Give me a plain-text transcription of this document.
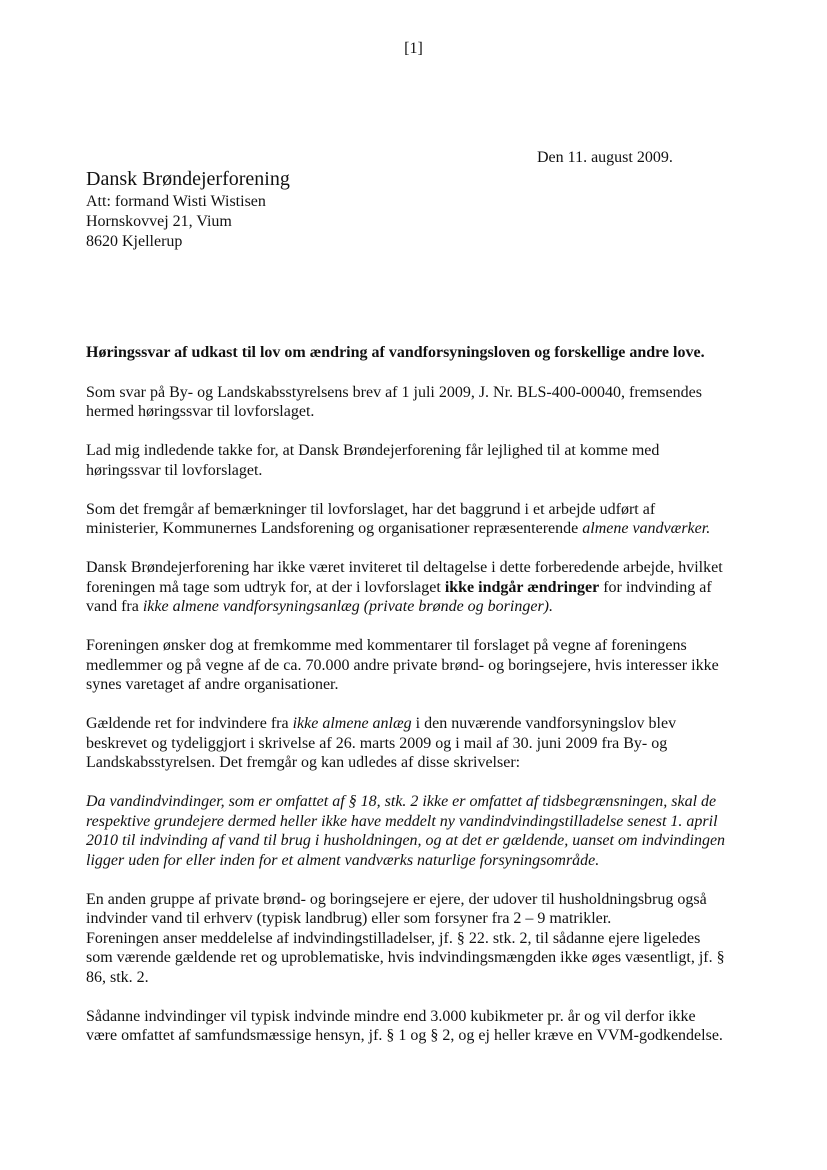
[1]
Den 11. august 2009.
Dansk Brøndejerforening
Att: formand Wisti Wistisen
Hornskovvej 21, Vium
8620 Kjellerup
Høringssvar af udkast til lov om ændring af vandforsyningsloven og forskellige andre love.

Som svar på By- og Landskabsstyrelsens brev af 1 juli 2009, J. Nr. BLS-400-00040, fremsendes
hermed høringssvar til lovforslaget.

Lad mig indledende takke for, at Dansk Brøndejerforening får lejlighed til at komme med
høringssvar til lovforslaget.

Som det fremgår af bemærkninger til lovforslaget, har det baggrund i et arbejde udført af
ministerier, Kommunernes Landsforening og organisationer repræsenterende almene vandværker.

Dansk Brøndejerforening har ikke været inviteret til deltagelse i dette forberedende arbejde, hvilket
foreningen må tage som udtryk for, at der i lovforslaget ikke indgår ændringer for indvinding af
vand fra ikke almene vandforsyningsanlæg (private brønde og boringer).

Foreningen ønsker dog at fremkomme med kommentarer til forslaget på vegne af foreningens
medlemmer og på vegne af de ca. 70.000 andre private brønd- og boringsejere, hvis interesser ikke
synes varetaget af andre organisationer.

Gældende ret for indvindere fra ikke almene anlæg i den nuværende vandforsyningslov blev
beskrevet og tydeliggjort i skrivelse af 26. marts 2009 og i mail af 30. juni 2009 fra By- og
Landskabsstyrelsen. Det fremgår og kan udledes af disse skrivelser:

Da vandindvindinger, som er omfattet af § 18, stk. 2 ikke er omfattet af tidsbegrænsningen, skal de
respektive grundejere dermed heller ikke have meddelt ny vandindvindingstilladelse senest 1. april
2010 til indvinding af vand til brug i husholdningen, og at det er gældende, uanset om indvindingen
ligger uden for eller inden for et alment vandværks naturlige forsyningsområde.

En anden gruppe af private brønd- og boringsejere er ejere, der udover til husholdningsbrug også
indvinder vand til erhverv (typisk landbrug) eller som forsyner fra 2 – 9 matrikler.
Foreningen anser meddelelse af indvindingstilladelser, jf. § 22. stk. 2, til sådanne ejere ligeledes
som værende gældende ret og uproblematiske, hvis indvindingsmængden ikke øges væsentligt, jf. §
86, stk. 2.

Sådanne indvindinger vil typisk indvinde mindre end 3.000 kubikmeter pr. år og vil derfor ikke
være omfattet af samfundsmæssige hensyn, jf. § 1 og § 2, og ej heller kræve en VVM-godkendelse.
